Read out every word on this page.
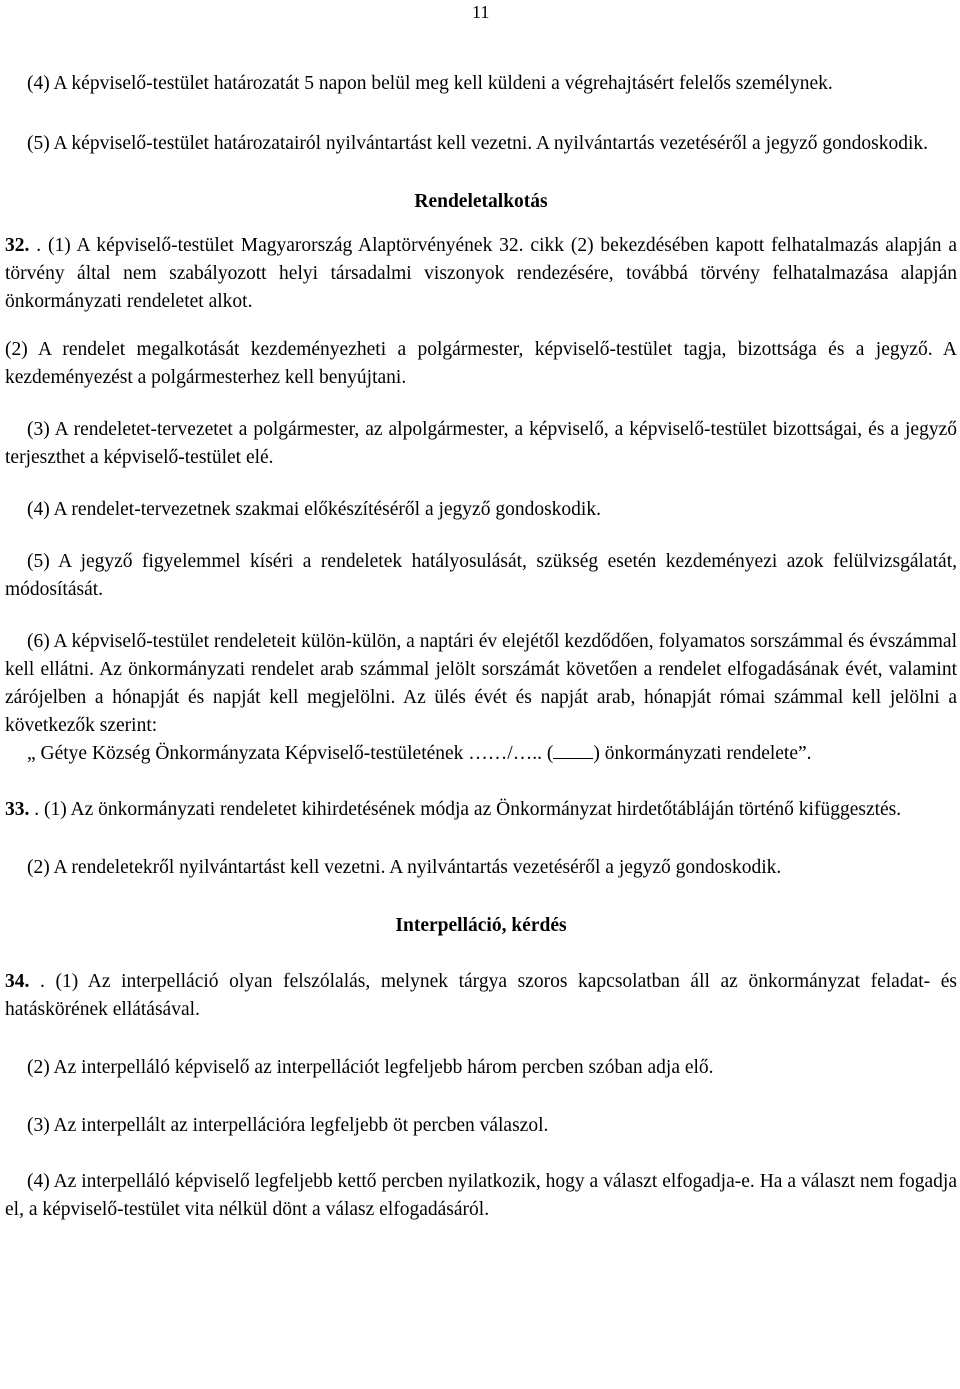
11

(4) A képviselő-testület határozatát 5 napon belül meg kell küldeni a végrehajtásért felelős személynek.

(5) A képviselő-testület határozatairól nyilvántartást kell vezetni. A nyilvántartás vezetéséről a jegyző gondoskodik.

Rendeletalkotás

32. . (1) A képviselő-testület Magyarország Alaptörvényének 32. cikk (2) bekezdésében kapott felhatalmazás alapján a törvény által nem szabályozott helyi társadalmi viszonyok rendezésére, továbbá törvény felhatalmazása alapján önkormányzati rendeletet alkot.

(2) A rendelet megalkotását kezdeményezheti a polgármester, képviselő-testület tagja, bizottsága és a jegyző. A kezdeményezést a polgármesterhez kell benyújtani.

(3) A rendeletet-tervezetet a polgármester, az alpolgármester, a képviselő, a képviselő-testület bizottságai, és a jegyző terjeszthet a képviselő-testület elé.

(4) A rendelet-tervezetnek szakmai előkészítéséről a jegyző gondoskodik.

(5) A jegyző figyelemmel kíséri a rendeletek hatályosulását, szükség esetén kezdeményezi azok felülvizsgálatát, módosítását.

(6) A képviselő-testület rendeleteit külön-külön, a naptári év elejétől kezdődően, folyamatos sorszámmal és évszámmal kell ellátni. Az önkormányzati rendelet arab számmal jelölt sorszámát követően a rendelet elfogadásának évét, valamint zárójelben a hónapját és napját kell megjelölni. Az ülés évét és napját arab, hónapját római számmal kell jelölni a következők szerint:

„ Gétye Község Önkormányzata Képviselő-testületének ……/….. ( ) önkormányzati rendelete”.

33. . (1) Az önkormányzati rendeletet kihirdetésének módja az Önkormányzat hirdetőtábláján történő kifüggesztés.

(2) A rendeletekről nyilvántartást kell vezetni. A nyilvántartás vezetéséről a jegyző gondoskodik.

Interpelláció, kérdés

34. . (1) Az interpelláció olyan felszólalás, melynek tárgya szoros kapcsolatban áll az önkormányzat feladat- és hatáskörének ellátásával.

(2) Az interpelláló képviselő az interpellációt legfeljebb három percben szóban adja elő.

(3) Az interpellált az interpellációra legfeljebb öt percben válaszol.

(4) Az interpelláló képviselő legfeljebb kettő percben nyilatkozik, hogy a választ elfogadja-e. Ha a választ nem fogadja el, a képviselő-testület vita nélkül dönt a válasz elfogadásáról.
